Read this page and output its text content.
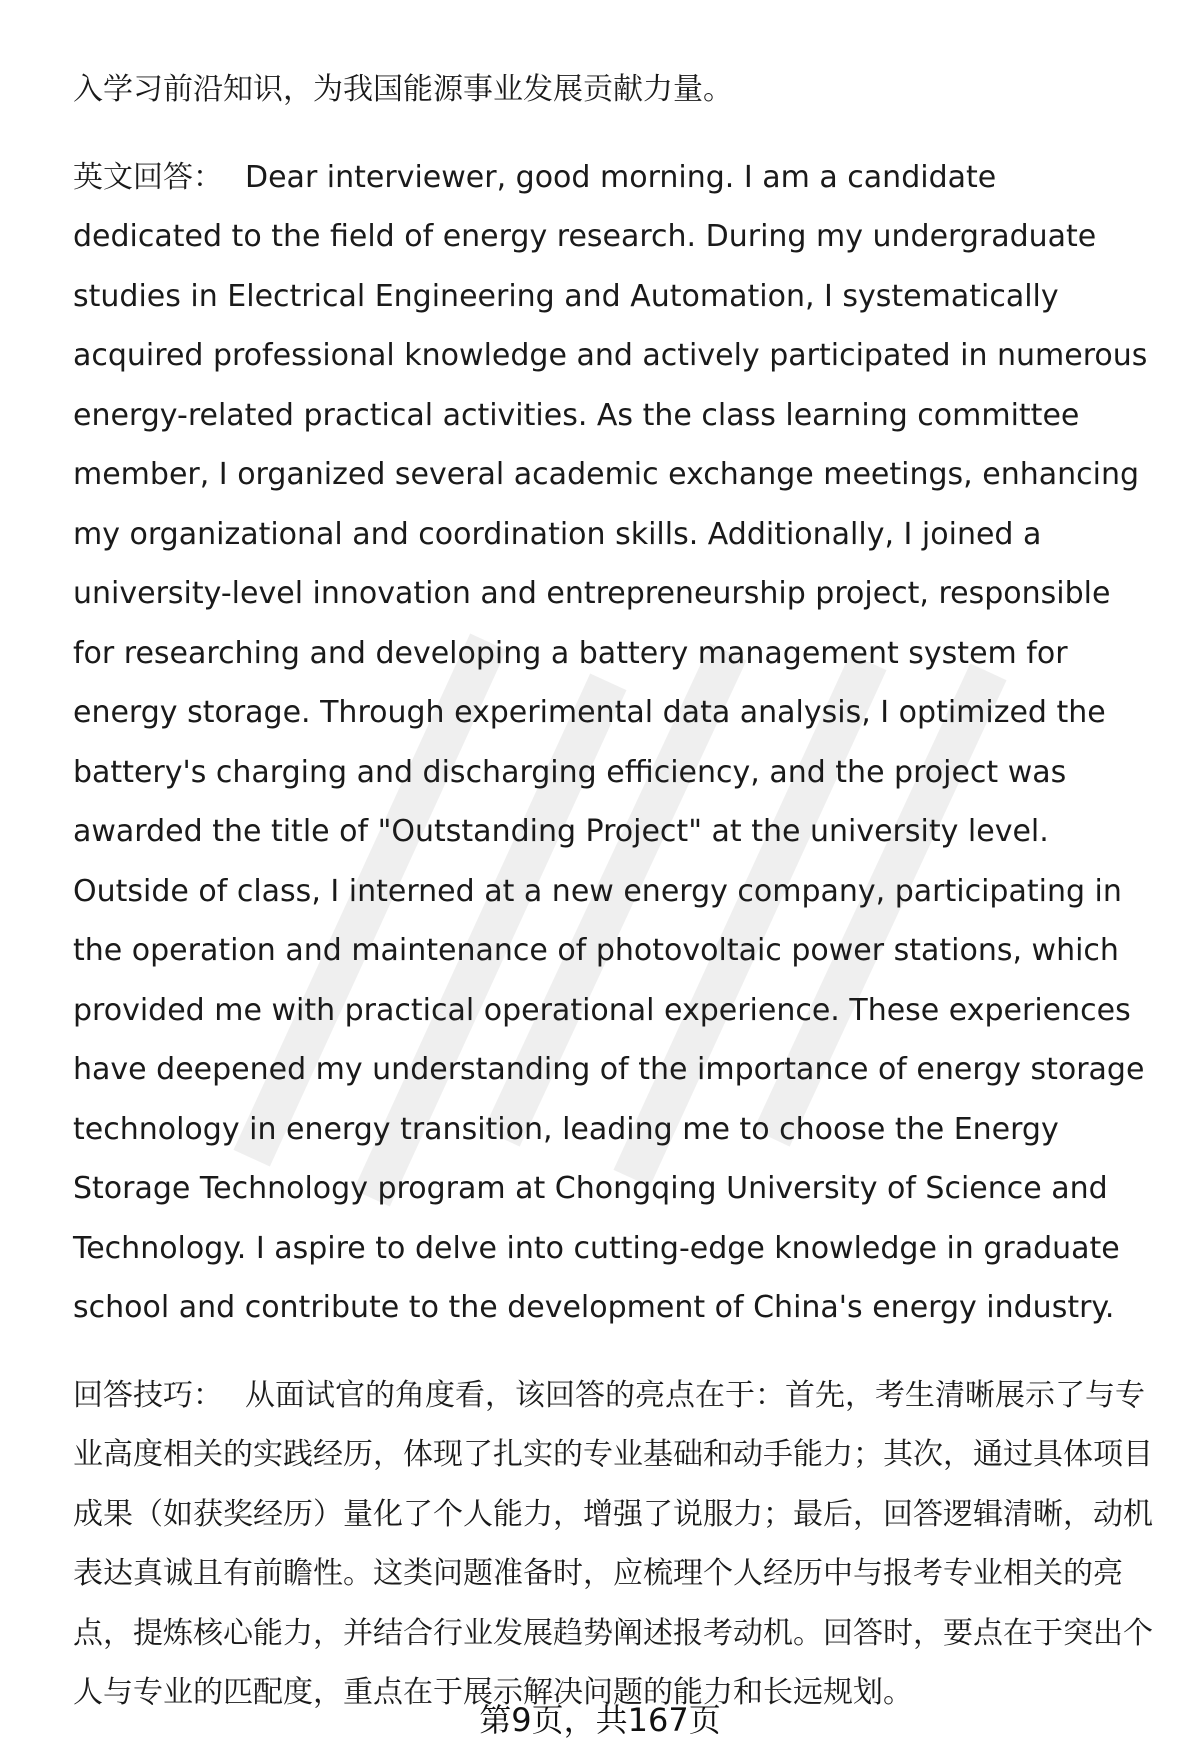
入学习前沿知识，为我国能源事业发展贡献力量。

英文回答： Dear interviewer, good morning. I am a candidate dedicated to the field of energy research. During my undergraduate studies in Electrical Engineering and Automation, I systematically acquired professional knowledge and actively participated in numerous energy-related practical activities. As the class learning committee member, I organized several academic exchange meetings, enhancing my organizational and coordination skills. Additionally, I joined a university-level innovation and entrepreneurship project, responsible for researching and developing a battery management system for energy storage. Through experimental data analysis, I optimized the battery's charging and discharging efficiency, and the project was awarded the title of "Outstanding Project" at the university level. Outside of class, I interned at a new energy company, participating in the operation and maintenance of photovoltaic power stations, which provided me with practical operational experience. These experiences have deepened my understanding of the importance of energy storage technology in energy transition, leading me to choose the Energy Storage Technology program at Chongqing University of Science and Technology. I aspire to delve into cutting-edge knowledge in graduate school and contribute to the development of China's energy industry.

回答技巧： 从面试官的角度看，该回答的亮点在于：首先，考生清晰展示了与专业高度相关的实践经历，体现了扎实的专业基础和动手能力；其次，通过具体项目成果（如获奖经历）量化了个人能力，增强了说服力；最后，回答逻辑清晰，动机表达真诚且有前瞻性。这类问题准备时，应梳理个人经历中与报考专业相关的亮点，提炼核心能力，并结合行业发展趋势阐述报考动机。回答时，要点在于突出个人与专业的匹配度，重点在于展示解决问题的能力和长远规划。

第9页，共167页
